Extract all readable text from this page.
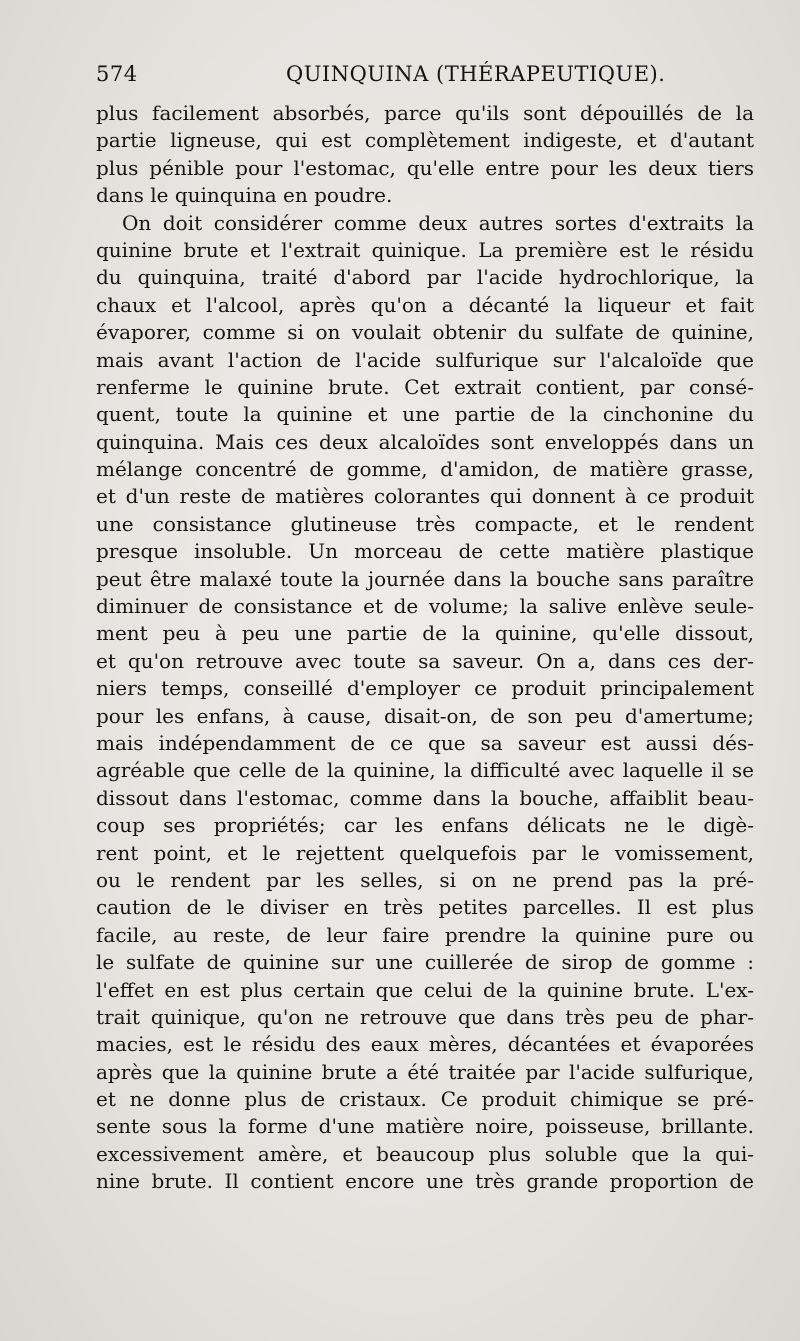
574	QUINQUINA (THÉRAPEUTIQUE).
plus facilement absorbés, parce qu'ils sont dépouillés de la
partie ligneuse, qui est complètement indigeste, et d'autant
plus pénible pour l'estomac, qu'elle entre pour les deux tiers
dans le quinquina en poudre.
On doit considérer comme deux autres sortes d'extraits la
quinine brute et l'extrait quinique. La première est le résidu
du quinquina, traité d'abord par l'acide hydrochlorique, la
chaux et l'alcool, après qu'on a décanté la liqueur et fait
évaporer, comme si on voulait obtenir du sulfate de quinine,
mais avant l'action de l'acide sulfurique sur l'alcaloïde que
renferme le quinine brute. Cet extrait contient, par consé-
quent, toute la quinine et une partie de la cinchonine du
quinquina. Mais ces deux alcaloïdes sont enveloppés dans un
mélange concentré de gomme, d'amidon, de matière grasse,
et d'un reste de matières colorantes qui donnent à ce produit
une consistance glutineuse très compacte, et le rendent
presque insoluble. Un morceau de cette matière plastique
peut être malaxé toute la journée dans la bouche sans paraître
diminuer de consistance et de volume; la salive enlève seule-
ment peu à peu une partie de la quinine, qu'elle dissout,
et qu'on retrouve avec toute sa saveur. On a, dans ces der-
niers temps, conseillé d'employer ce produit principalement
pour les enfans, à cause, disait-on, de son peu d'amertume;
mais indépendamment de ce que sa saveur est aussi dés-
agréable que celle de la quinine, la difficulté avec laquelle il se
dissout dans l'estomac, comme dans la bouche, affaiblit beau-
coup ses propriétés; car les enfans délicats ne le digè-
rent point, et le rejettent quelquefois par le vomissement,
ou le rendent par les selles, si on ne prend pas la pré-
caution de le diviser en très petites parcelles. Il est plus
facile, au reste, de leur faire prendre la quinine pure ou
le sulfate de quinine sur une cuillerée de sirop de gomme :
l'effet en est plus certain que celui de la quinine brute. L'ex-
trait quinique, qu'on ne retrouve que dans très peu de phar-
macies, est le résidu des eaux mères, décantées et évaporées
après que la quinine brute a été traitée par l'acide sulfurique,
et ne donne plus de cristaux. Ce produit chimique se pré-
sente sous la forme d'une matière noire, poisseuse, brillante.
excessivement amère, et beaucoup plus soluble que la qui-
nine brute. Il contient encore une très grande proportion de
